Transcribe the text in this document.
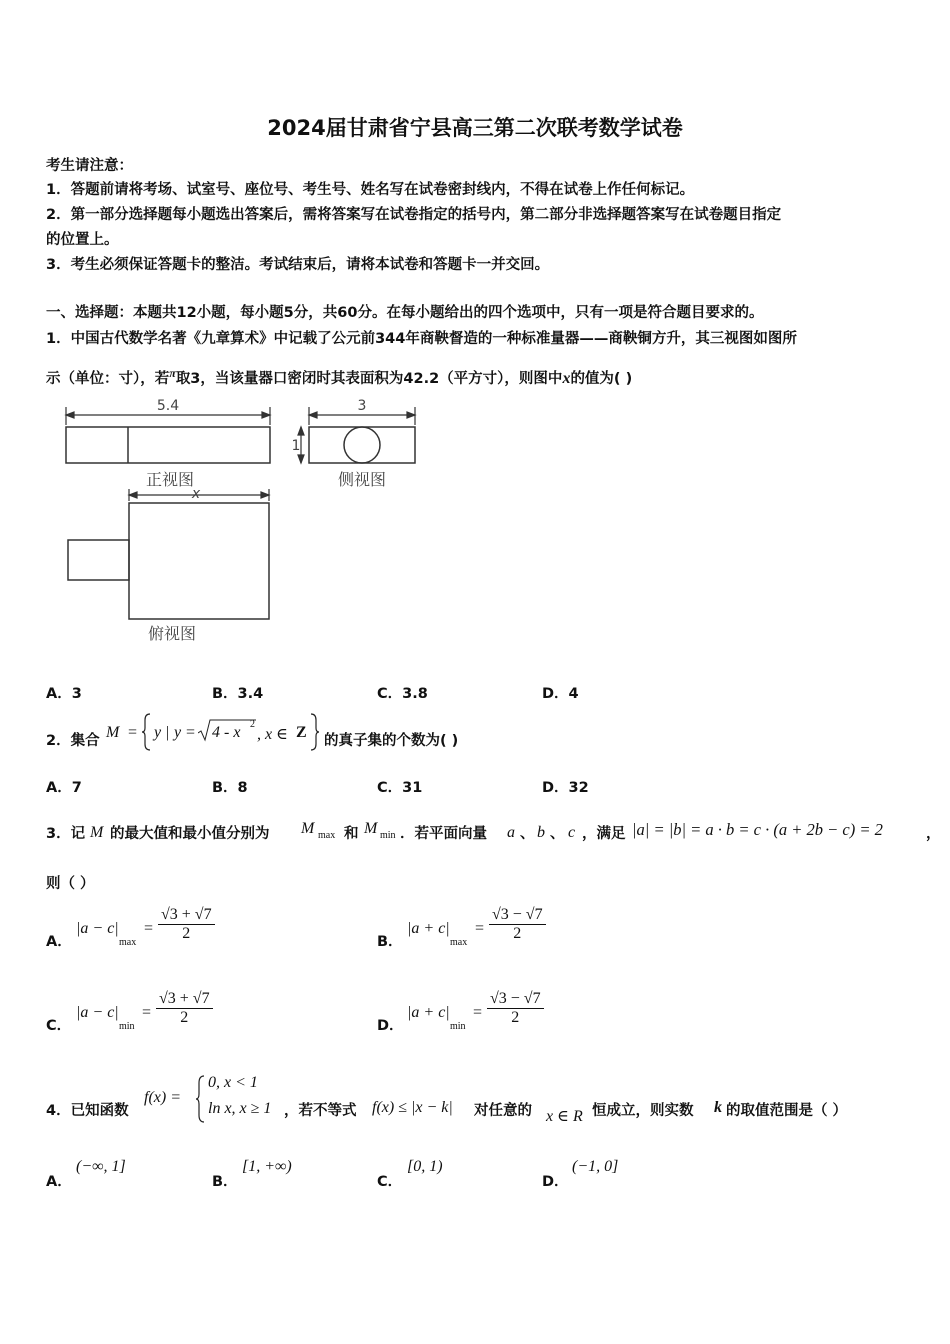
2024届甘肃省宁县高三第二次联考数学试卷
考生请注意：
1．答题前请将考场、试室号、座位号、考生号、姓名写在试卷密封线内，不得在试卷上作任何标记。
2．第一部分选择题每小题选出答案后，需将答案写在试卷指定的括号内，第二部分非选择题答案写在试卷题目指定
的位置上。
3．考生必须保证答题卡的整洁。考试结束后，请将本试卷和答题卡一并交回。
一、选择题：本题共12小题，每小题5分，共60分。在每小题给出的四个选项中，只有一项是符合题目要求的。
1．中国古代数学名著《九章算术》中记载了公元前344年商鞅督造的一种标准量器——商鞅铜方升，其三视图如图所
示（单位：寸），若$^\pi$取3，当该量器口密闭时其表面积为42.2（平方寸），则图中x的值为( )
5.4
正视图
3
1
侧视图
x
俯视图
A．3	B．3.4	C．3.8	D．4
2．集合 M = y | y = 4 - x 2
, x ∈ Z 的真子集的个数为( )
A．7	B．8	C．31	D．32
3．记 M 的最大值和最小值分别为 M max 和 M min ．若平面向量 a 、 b 、 c ，满足 |a| = |b| = a · b = c · (a + 2b − c) = 2	，
则（ ）
A．
|a − c|
max
= $\frac{√3 + √7}{2}$	B．
|a + c|
max
= $\frac{√3 - √7}{2}$
C．
|a − c|
min
= $\frac{√3 + √7}{2}$	D．
|a + c|
min
= $\frac{√3 - √7}{2}$
4．已知函数
f(x) =
0, x < 1
ln x, x ≥ 1 ，若不等式 f(x) ≤ |x − k| 对任意的 x ∈ R 恒成立，则实数 k 的取值范围是（ ）
A．
(−∞, 1]
B．
[1, +∞)
C．
[0, 1)
D．
(−1, 0]
